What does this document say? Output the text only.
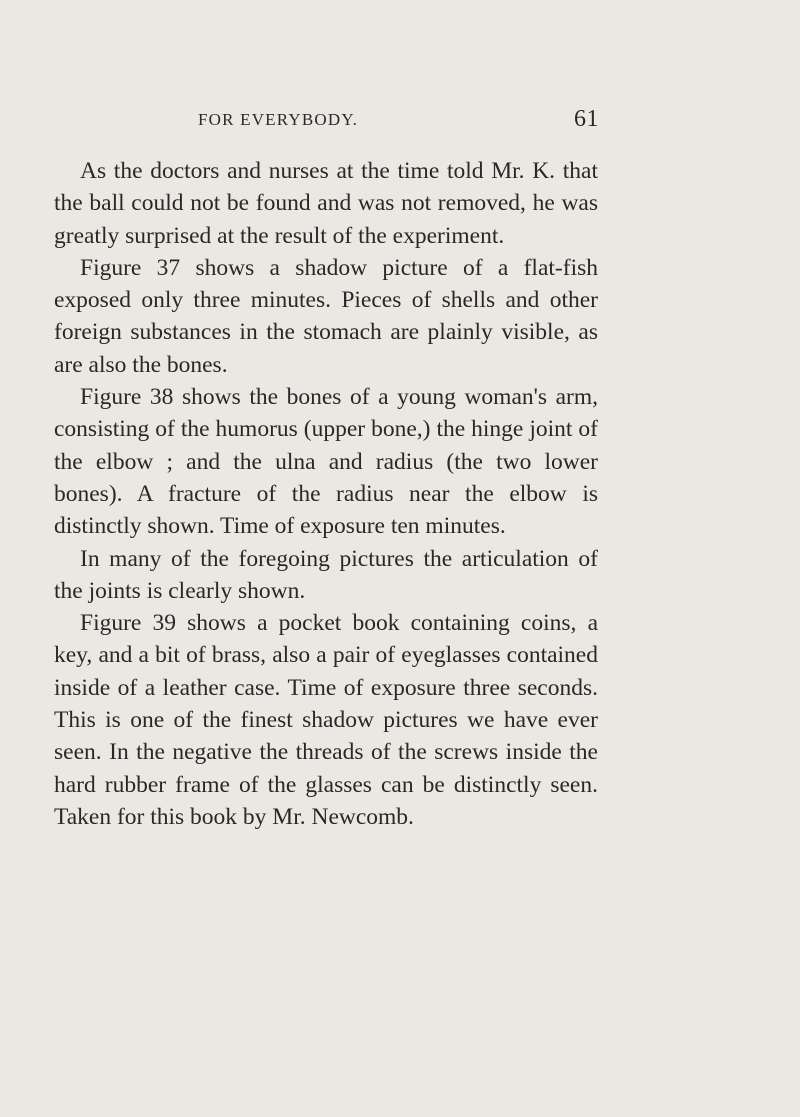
FOR EVERYBODY.	61

As the doctors and nurses at the time told Mr. K. that the ball could not be found and was not removed, he was greatly surprised at the result of the experiment.

Figure 37 shows a shadow picture of a flat-fish exposed only three minutes. Pieces of shells and other foreign substances in the stomach are plainly visible, as are also the bones.

Figure 38 shows the bones of a young woman's arm, consisting of the humorus (upper bone,) the hinge joint of the elbow ; and the ulna and radius (the two lower bones). A fracture of the radius near the elbow is distinctly shown. Time of exposure ten minutes.

In many of the foregoing pictures the articulation of the joints is clearly shown.

Figure 39 shows a pocket book containing coins, a key, and a bit of brass, also a pair of eyeglasses contained inside of a leather case. Time of exposure three seconds. This is one of the finest shadow pictures we have ever seen. In the negative the threads of the screws inside the hard rubber frame of the glasses can be distinctly seen. Taken for this book by Mr. Newcomb.
